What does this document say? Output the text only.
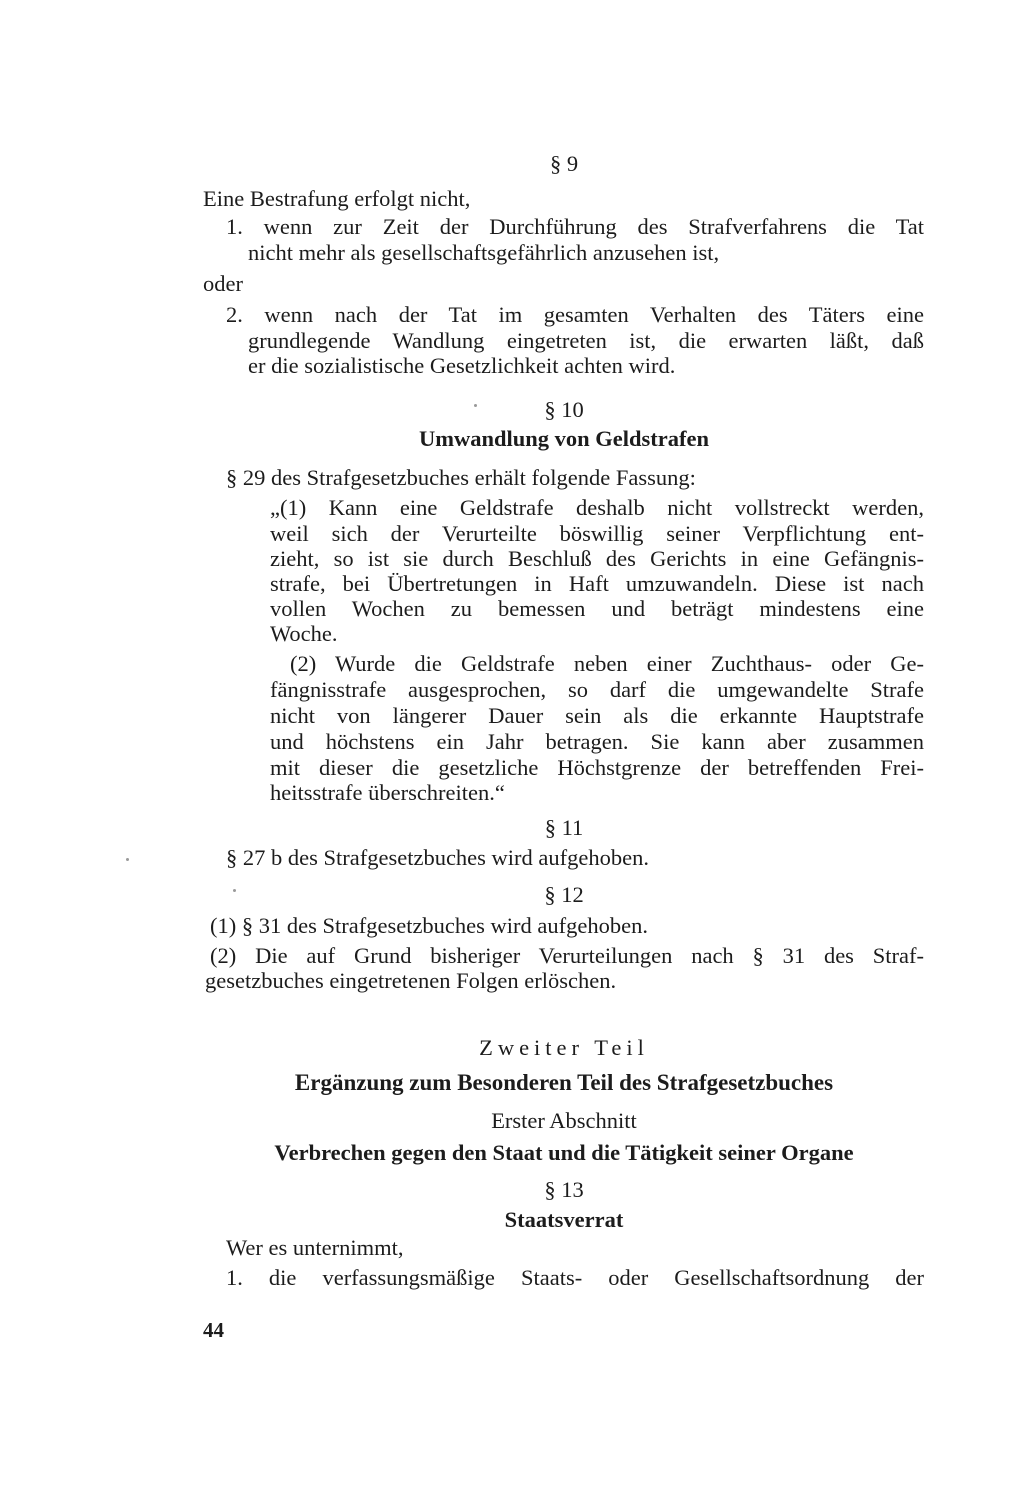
§ 9

Eine Bestrafung erfolgt nicht,

1. wenn zur Zeit der Durchführung des Strafverfahrens die Tat

nicht mehr als gesellschaftsgefährlich anzusehen ist,

oder

2. wenn nach der Tat im gesamten Verhalten des Täters eine

grundlegende Wandlung eingetreten ist, die erwarten läßt, daß

er die sozialistische Gesetzlichkeit achten wird.

§ 10

Umwandlung von Geldstrafen

§ 29 des Strafgesetzbuches erhält folgende Fassung:

„(1) Kann eine Geldstrafe deshalb nicht vollstreckt werden,

weil sich der Verurteilte böswillig seiner Verpflichtung ent-

zieht, so ist sie durch Beschluß des Gerichts in eine Gefängnis-

strafe, bei Übertretungen in Haft umzuwandeln. Diese ist nach

vollen Wochen zu bemessen und beträgt mindestens eine

Woche.

(2) Wurde die Geldstrafe neben einer Zuchthaus- oder Ge-

fängnisstrafe ausgesprochen, so darf die umgewandelte Strafe

nicht von längerer Dauer sein als die erkannte Hauptstrafe

und höchstens ein Jahr betragen. Sie kann aber zusammen

mit dieser die gesetzliche Höchstgrenze der betreffenden Frei-

heitsstrafe überschreiten.“

§ 11

§ 27 b des Strafgesetzbuches wird aufgehoben.

§ 12

(1) § 31 des Strafgesetzbuches wird aufgehoben.

(2) Die auf Grund bisheriger Verurteilungen nach § 31 des Straf-

gesetzbuches eingetretenen Folgen erlöschen.

Zweiter Teil

Ergänzung zum Besonderen Teil des Strafgesetzbuches

Erster Abschnitt

Verbrechen gegen den Staat und die Tätigkeit seiner Organe

§ 13

Staatsverrat

Wer es unternimmt,

1. die verfassungsmäßige Staats- oder Gesellschaftsordnung der

44
